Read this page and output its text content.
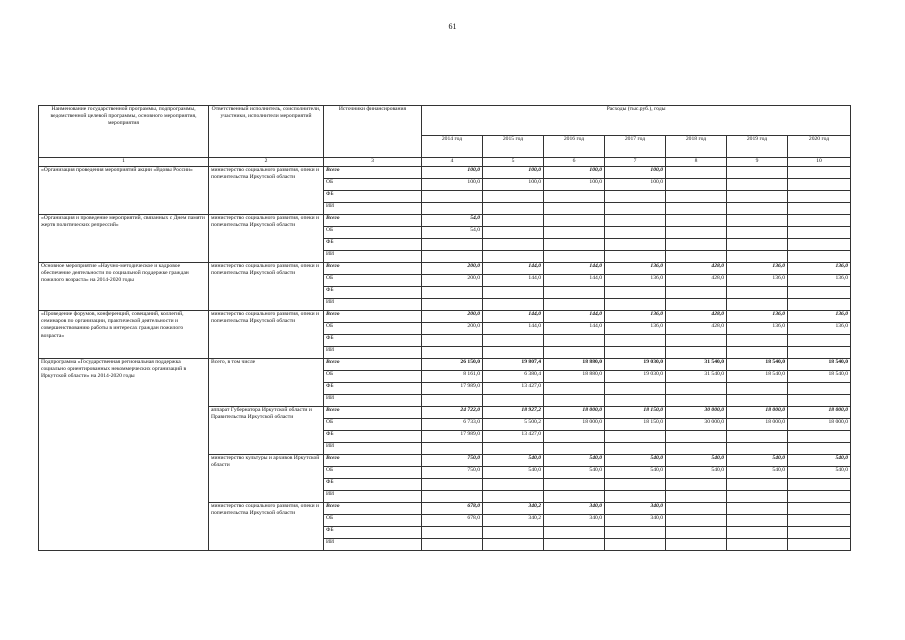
61
Наименование государственной программы, подпрограммы, ведомственной целевой программы, основного мероприятия, мероприятия	Ответственный исполнитель, соисполнители, участники, исполнители мероприятий	Источники финансирования	Расходы (тыс.руб.), годы						
			2014 год	2015 год	2016 год	2017 год	2018 год	2019 год	2020 год
1	2	3	4	5	6	7	8	9	10
«Организация проведения мероприятий акции «Вдовы России»	министерство социального развития, опеки и попечительства Иркутской области	Всего	100,0	100,0	100,0	100,0			
		ОБ	100,0	100,0	100,0	100,0			
		ФБ							
		ИИ							
«Организация и проведение мероприятий, связанных с Днем памяти жертв политических репрессий»	министерство социального развития, опеки и попечительства Иркутской области	Всего	54,0						
		ОБ	54,0						
		ФБ							
		ИИ							
Основное мероприятие «Научно-методическое и кадровое обеспечение деятельности по социальной поддержке граждан пожилого возраста» на 2014-2020 годы	министерство социального развития, опеки и попечительства Иркутской области	Всего	200,0	144,0	144,0	136,0	428,0	136,0	136,0
		ОБ	200,0	144,0	144,0	136,0	428,0	136,0	136,0
		ФБ							
		ИИ							
«Проведение форумов, конференций, совещаний, коллегий, семинаров по организации, практической деятельности и совершенствованию работы в интересах граждан пожилого возраста»	министерство социального развития, опеки и попечительства Иркутской области	Всего	200,0	144,0	144,0	136,0	428,0	136,0	136,0
		ОБ	200,0	144,0	144,0	136,0	428,0	136,0	136,0
		ФБ							
		ИИ							
Подпрограмма «Государственная региональная поддержка социально ориентированных некоммерческих организаций в Иркутской области» на 2014-2020 годы	Всего, в том числе	Всего	26 150,0	19 807,4	18 880,0	19 030,0	31 540,0	18 540,0	18 540,0
		ОБ	8 161,0	6 380,4	18 880,0	19 030,0	31 540,0	18 540,0	18 540,0
		ФБ	17 989,0	13 427,0					
		ИИ							
	аппарат Губернатора Иркутской области и Правительства Иркутской области	Всего	24 722,0	18 927,2	18 000,0	18 150,0	30 000,0	18 000,0	18 000,0
		ОБ	6 733,0	5 500,2	18 000,0	18 150,0	30 000,0	18 000,0	18 000,0
		ФБ	17 989,0	13 427,0					
		ИИ							
	министерство культуры и архивов Иркутской области	Всего	750,0	540,0	540,0	540,0	540,0	540,0	540,0
		ОБ	750,0	540,0	540,0	540,0	540,0	540,0	540,0
		ФБ							
		ИИ							
	министерство социального развития, опеки и попечительства Иркутской области	Всего	678,0	340,2	340,0	340,0			
		ОБ	678,0	340,2	340,0	340,0			
		ФБ							
		ИИ							
